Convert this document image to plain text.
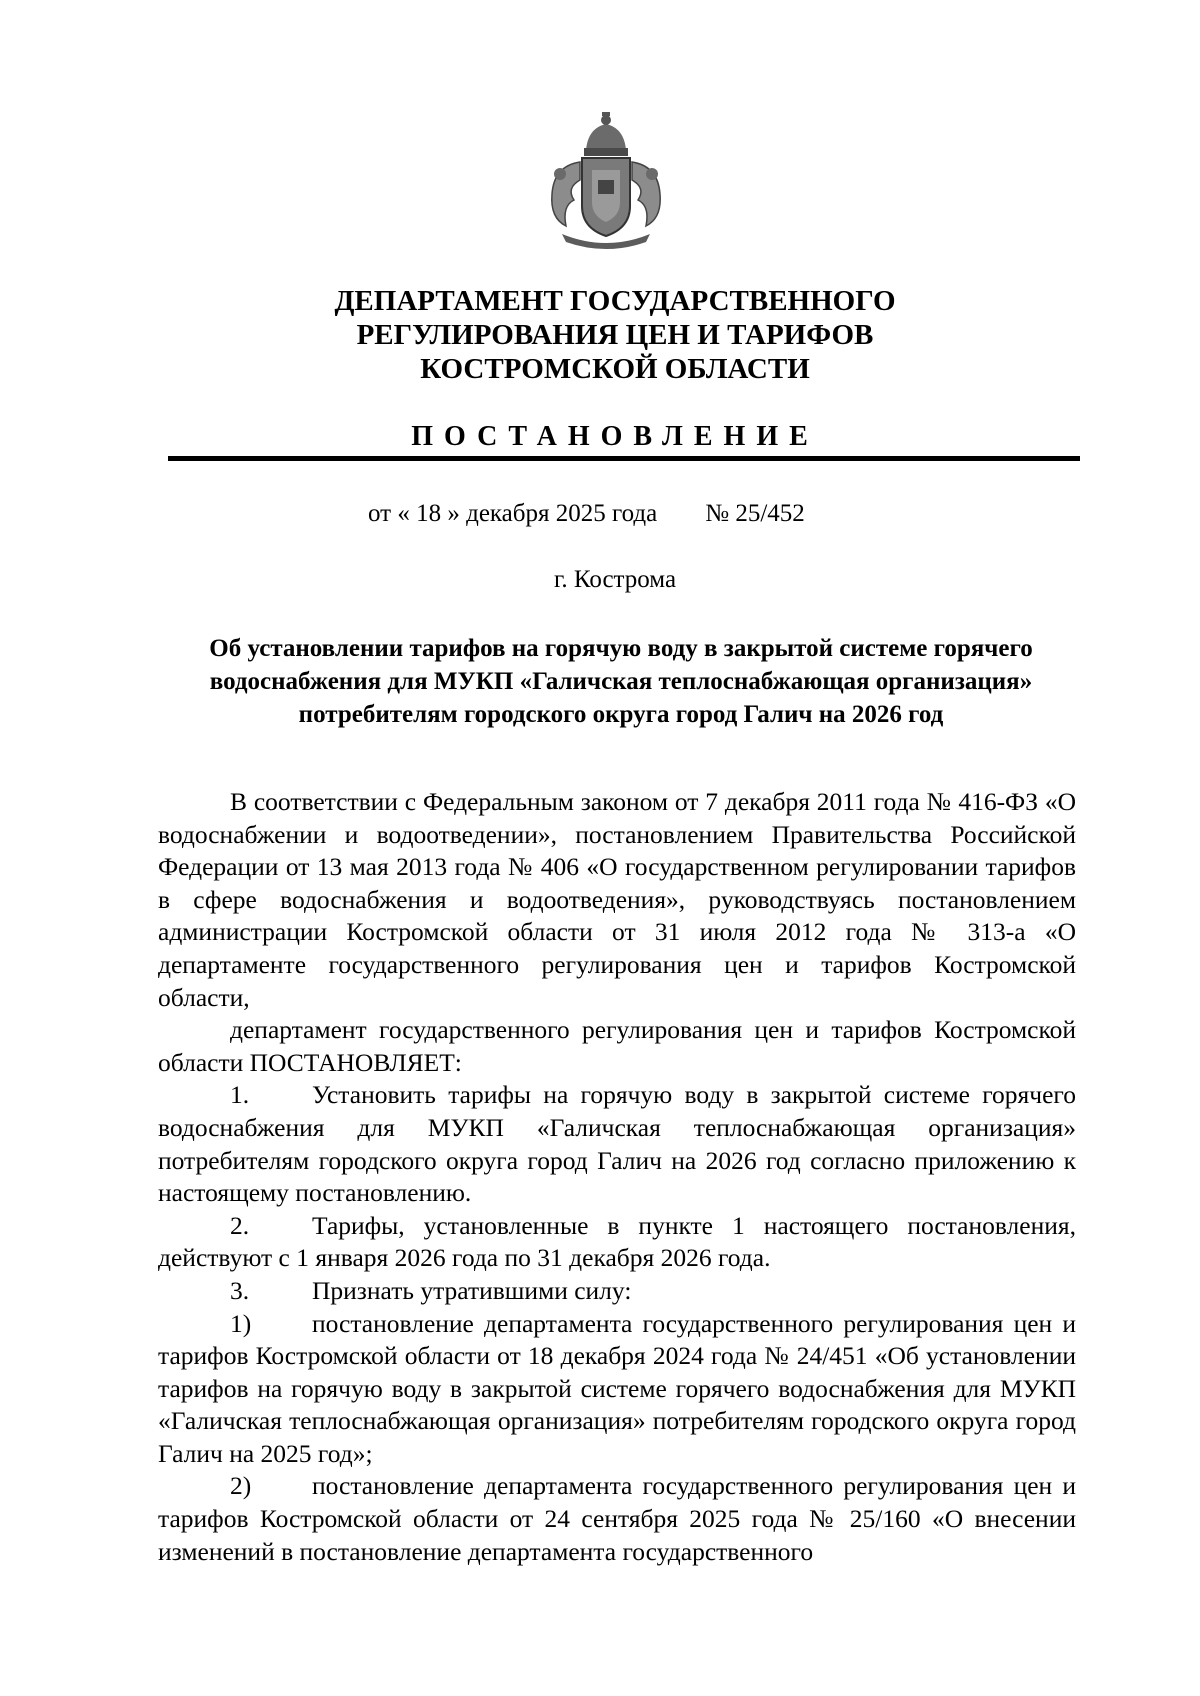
ДЕПАРТАМЕНТ ГОСУДАРСТВЕННОГО
РЕГУЛИРОВАНИЯ ЦЕН И ТАРИФОВ
КОСТРОМСКОЙ ОБЛАСТИ
ПОСТАНОВЛЕНИЕ
от « 18 » декабря 2025 года № 25/452
г. Кострома
Об установлении тарифов на горячую воду в закрытой системе горячего
водоснабжения для МУКП «Галичская теплоснабжающая организация»
потребителям городского округа город Галич на 2026 год

В соответствии с Федеральным законом от 7 декабря 2011 года № 416-ФЗ «О водоснабжении и водоотведении», постановлением Правительства Российской Федерации от 13 мая 2013 года № 406 «О государственном регулировании тарифов в сфере водоснабжения и водоотведения», руководствуясь постановлением администрации Костромской области от 31 июля 2012 года № 313-а «О департаменте государственного регулирования цен и тарифов Костромской области,

департамент государственного регулирования цен и тарифов Костромской области ПОСТАНОВЛЯЕТ:

1. Установить тарифы на горячую воду в закрытой системе горячего водоснабжения для МУКП «Галичская теплоснабжающая организация» потребителям городского округа город Галич на 2026 год согласно приложению к настоящему постановлению.

2. Тарифы, установленные в пункте 1 настоящего постановления, действуют с 1 января 2026 года по 31 декабря 2026 года.

3. Признать утратившими силу:

1) постановление департамента государственного регулирования цен и тарифов Костромской области от 18 декабря 2024 года № 24/451 «Об установлении тарифов на горячую воду в закрытой системе горячего водоснабжения для МУКП «Галичская теплоснабжающая организация» потребителям городского округа город Галич на 2025 год»;

2) постановление департамента государственного регулирования цен и тарифов Костромской области от 24 сентября 2025 года № 25/160 «О внесении изменений в постановление департамента государственного
